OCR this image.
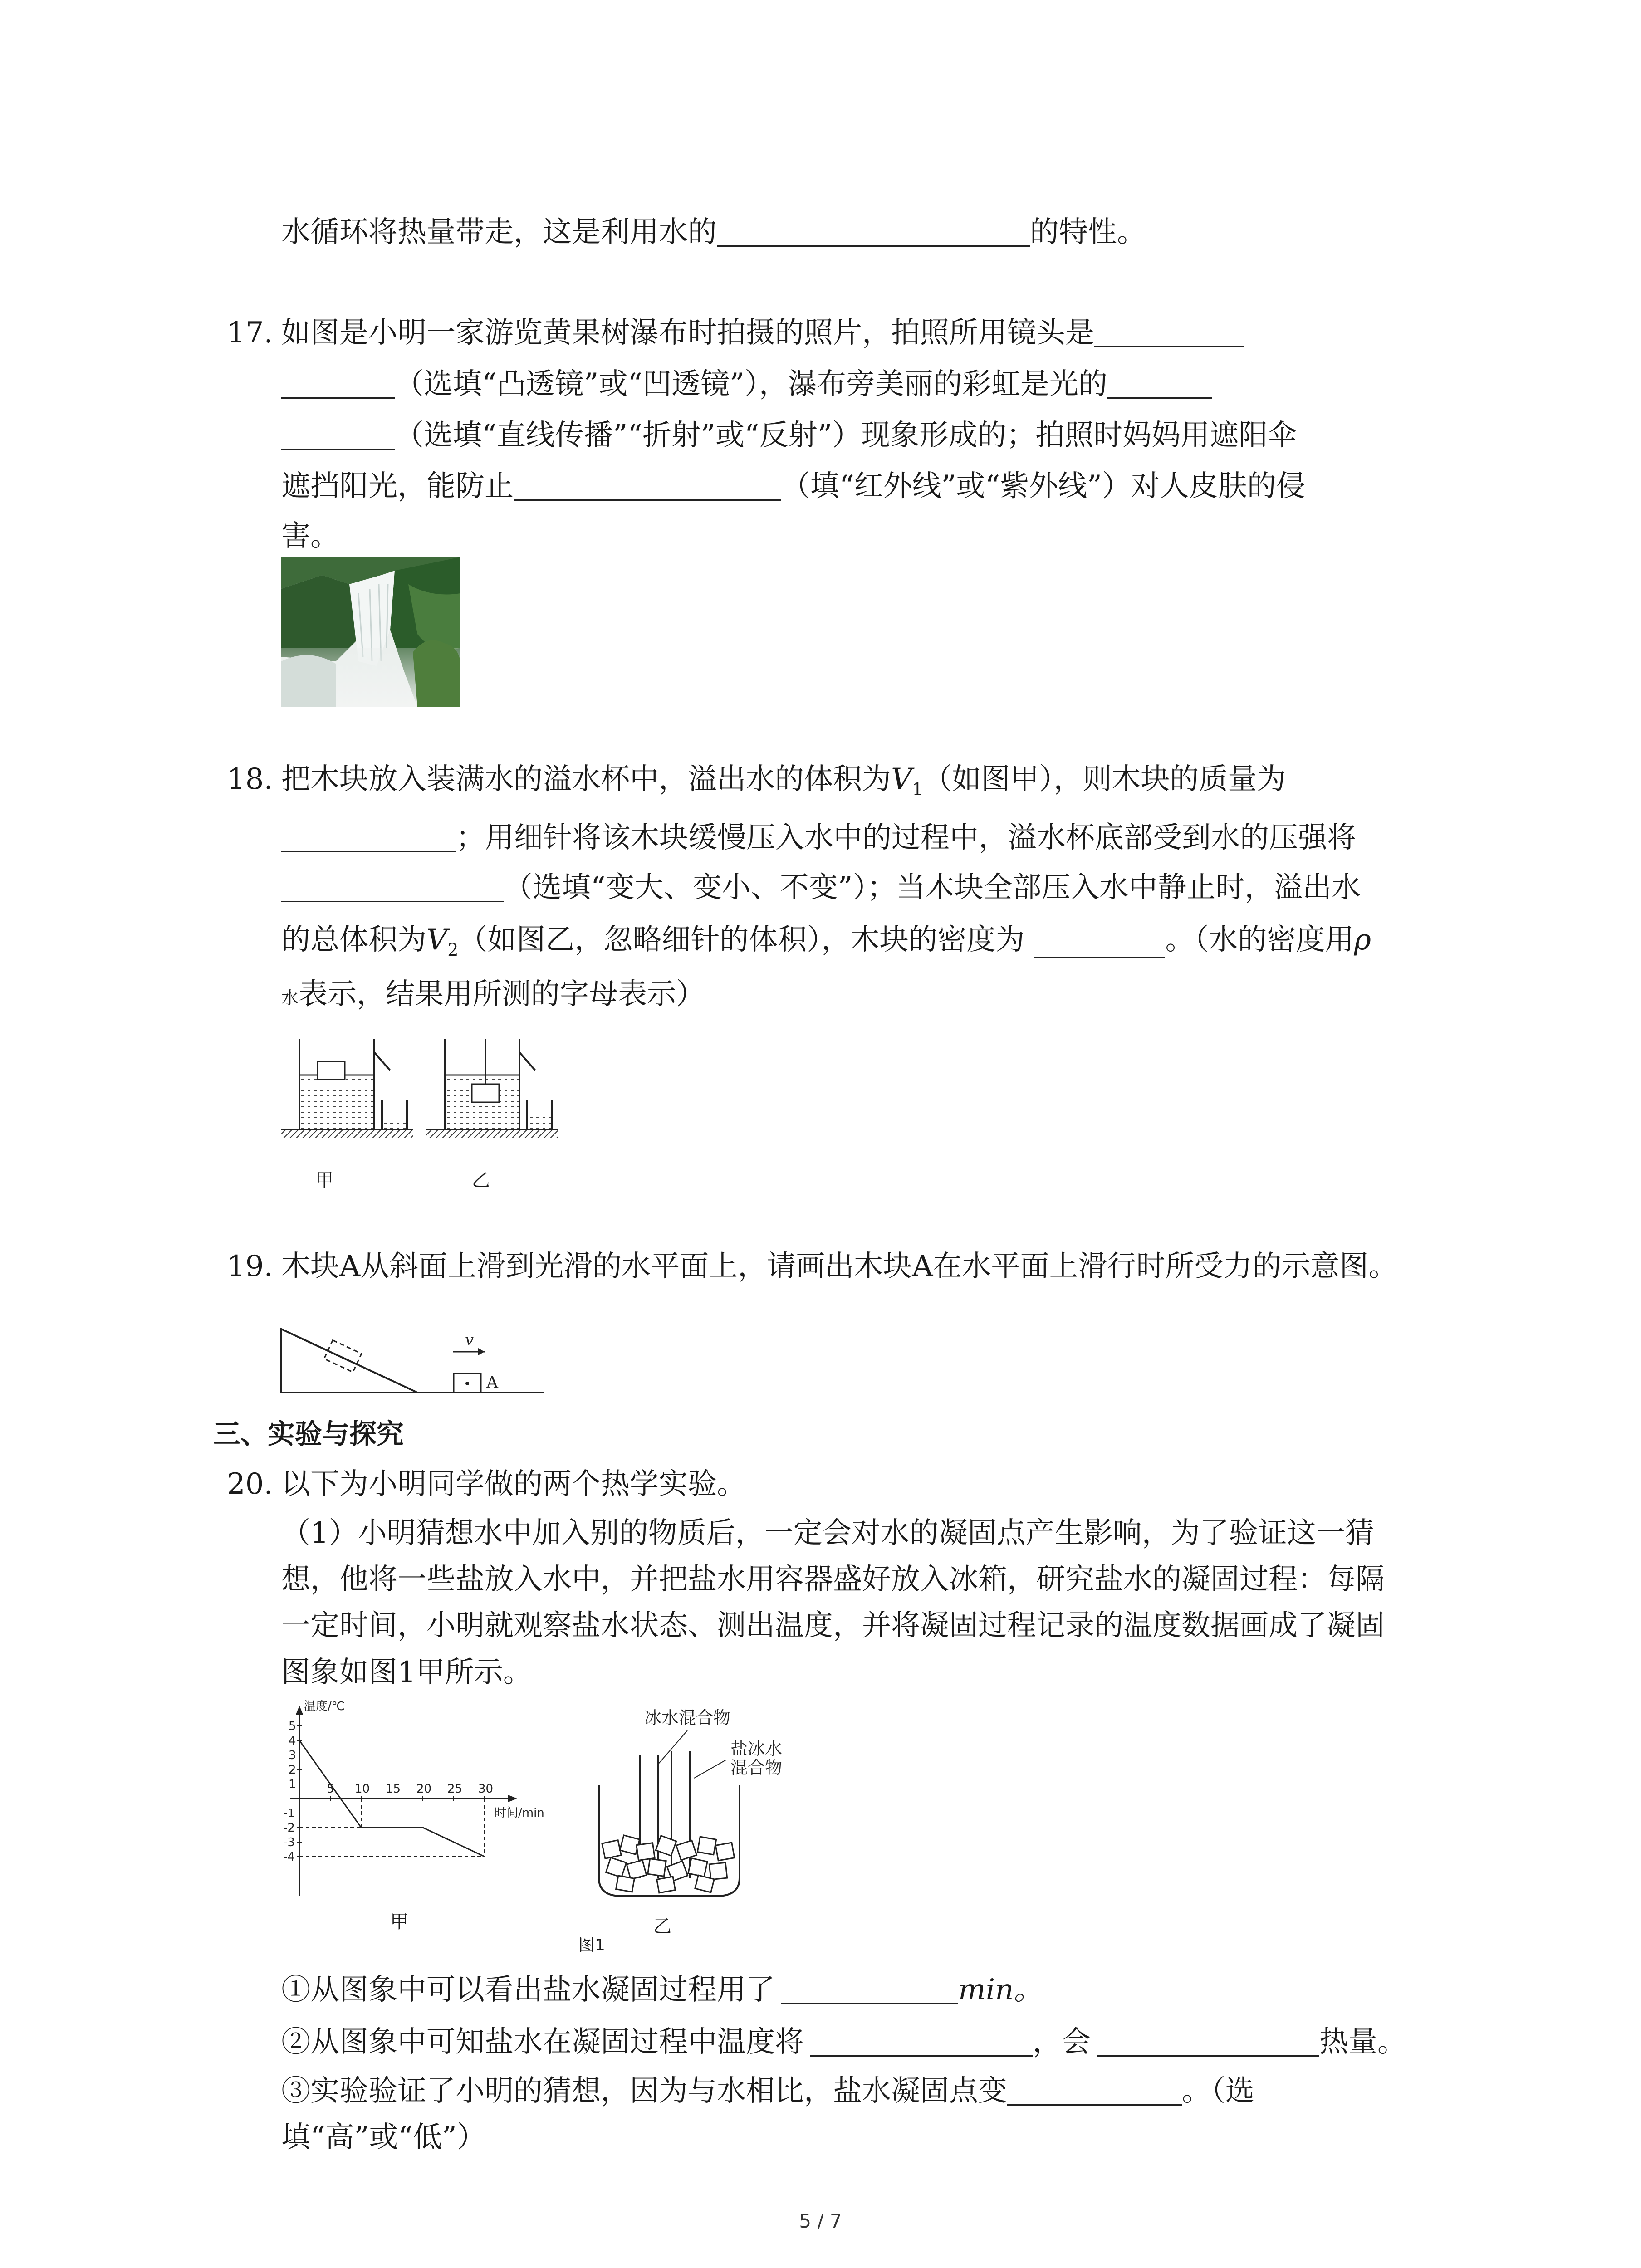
水循环将热量带走，这是利用水的	的特性。
17. 如图是小明一家游览黄果树瀑布时拍摄的照片，拍照所用镜头是
（选填“凸透镜”或“凹透镜”），瀑布旁美丽的彩虹是光的
（选填“直线传播”“折射”或“反射”）现象形成的；拍照时妈妈用遮阳伞
遮挡阳光，能防止	（填“红外线”或“紫外线”）对人皮肤的侵
害。
18. 把木块放入装满水的溢水杯中，溢出水的体积为$V_1$（如图甲），则木块的质量为
；用细针将该木块缓慢压入水中的过程中，溢水杯底部受到水的压强将
（选填“变大、变小、不变”）；当木块全部压入水中静止时，溢出水
的总体积为$V_2$（如图乙，忽略细针的体积），木块的密度为	。（水的密度用ρ
水表示，结果用所测的字母表示）
甲	乙
19. 木块A从斜面上滑到光滑的水平面上，请画出木块A在水平面上滑行时所受力的示意图。
v
A
三、实验与探究
20. 以下为小明同学做的两个热学实验。
（1）小明猜想水中加入别的物质后，一定会对水的凝固点产生影响，为了验证这一猜
想，他将一些盐放入水中，并把盐水用容器盛好放入冰箱，研究盐水的凝固过程：每隔
一定时间，小明就观察盐水状态、测出温度，并将凝固过程记录的温度数据画成了凝固
图象如图1甲所示。
温度/℃
时间/min
5
4
3
2
1
-1
-2
-3
-4
5 10 15 20 25 30
甲
冰水混合物
盐冰水
混合物
乙
图1
①从图象中可以看出盐水凝固过程用了	min。
②从图象中可知盐水在凝固过程中温度将	，会	热量。
③实验验证了小明的猜想，因为与水相比，盐水凝固点变	。（选
填“高”或“低”）
5 / 7
